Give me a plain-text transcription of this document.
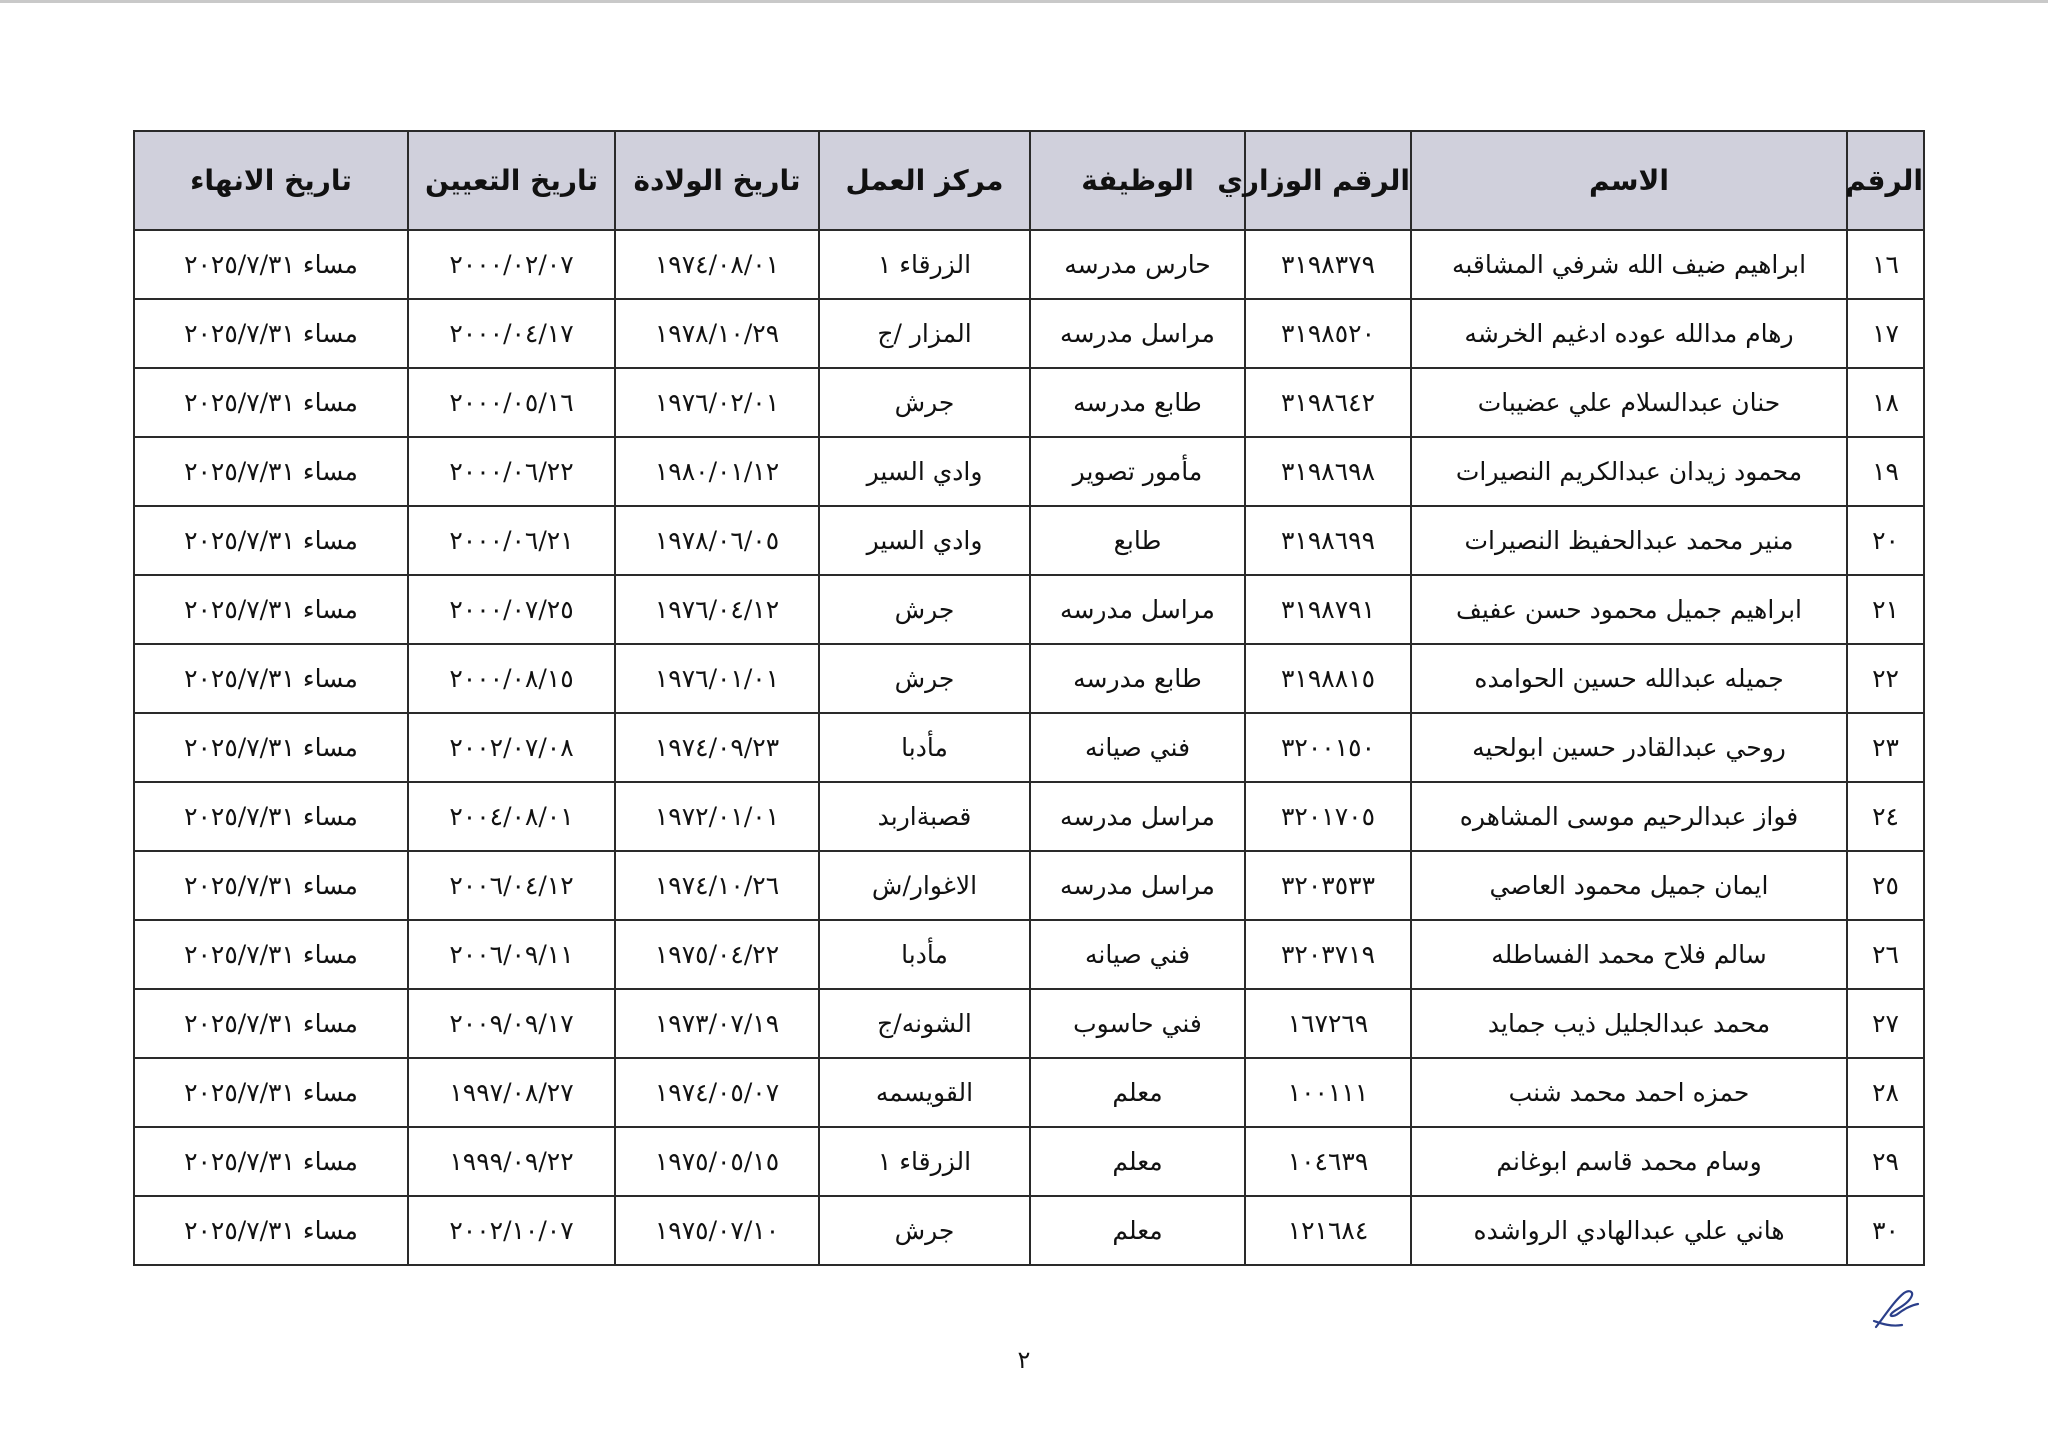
الرقم	الاسم	الرقم الوزاري	الوظيفة	مركز العمل	تاريخ الولادة	تاريخ التعيين	تاريخ الانهاء
١٦	ابراهيم ضيف الله شرفي المشاقبه	٣١٩٨٣٧٩	حارس مدرسه	الزرقاء ١	١٩٧٤/٠٨/٠١	٢٠٠٠/٠٢/٠٧	مساء ٢٠٢٥/٧/٣١
١٧	رهام مدالله عوده ادغيم الخرشه	٣١٩٨٥٢٠	مراسل مدرسه	المزار /ج	١٩٧٨/١٠/٢٩	٢٠٠٠/٠٤/١٧	مساء ٢٠٢٥/٧/٣١
١٨	حنان عبدالسلام علي عضيبات	٣١٩٨٦٤٢	طابع مدرسه	جرش	١٩٧٦/٠٢/٠١	٢٠٠٠/٠٥/١٦	مساء ٢٠٢٥/٧/٣١
١٩	محمود زيدان عبدالكريم النصيرات	٣١٩٨٦٩٨	مأمور تصوير	وادي السير	١٩٨٠/٠١/١٢	٢٠٠٠/٠٦/٢٢	مساء ٢٠٢٥/٧/٣١
٢٠	منير محمد عبدالحفيظ النصيرات	٣١٩٨٦٩٩	طابع	وادي السير	١٩٧٨/٠٦/٠٥	٢٠٠٠/٠٦/٢١	مساء ٢٠٢٥/٧/٣١
٢١	ابراهيم جميل محمود حسن عفيف	٣١٩٨٧٩١	مراسل مدرسه	جرش	١٩٧٦/٠٤/١٢	٢٠٠٠/٠٧/٢٥	مساء ٢٠٢٥/٧/٣١
٢٢	جميله عبدالله حسين الحوامده	٣١٩٨٨١٥	طابع مدرسه	جرش	١٩٧٦/٠١/٠١	٢٠٠٠/٠٨/١٥	مساء ٢٠٢٥/٧/٣١
٢٣	روحي عبدالقادر حسين ابولحيه	٣٢٠٠١٥٠	فني صيانه	مأدبا	١٩٧٤/٠٩/٢٣	٢٠٠٢/٠٧/٠٨	مساء ٢٠٢٥/٧/٣١
٢٤	فواز عبدالرحيم موسى المشاهره	٣٢٠١٧٠٥	مراسل مدرسه	قصبةاربد	١٩٧٢/٠١/٠١	٢٠٠٤/٠٨/٠١	مساء ٢٠٢٥/٧/٣١
٢٥	ايمان جميل محمود العاصي	٣٢٠٣٥٣٣	مراسل مدرسه	الاغوار/ش	١٩٧٤/١٠/٢٦	٢٠٠٦/٠٤/١٢	مساء ٢٠٢٥/٧/٣١
٢٦	سالم فلاح محمد الفساطله	٣٢٠٣٧١٩	فني صيانه	مأدبا	١٩٧٥/٠٤/٢٢	٢٠٠٦/٠٩/١١	مساء ٢٠٢٥/٧/٣١
٢٧	محمد عبدالجليل ذيب جمايد	١٦٧٢٦٩	فني حاسوب	الشونه/ج	١٩٧٣/٠٧/١٩	٢٠٠٩/٠٩/١٧	مساء ٢٠٢٥/٧/٣١
٢٨	حمزه احمد محمد شنب	١٠٠١١١	معلم	القويسمه	١٩٧٤/٠٥/٠٧	١٩٩٧/٠٨/٢٧	مساء ٢٠٢٥/٧/٣١
٢٩	وسام محمد قاسم ابوغانم	١٠٤٦٣٩	معلم	الزرقاء ١	١٩٧٥/٠٥/١٥	١٩٩٩/٠٩/٢٢	مساء ٢٠٢٥/٧/٣١
٣٠	هاني علي عبدالهادي الرواشده	١٢١٦٨٤	معلم	جرش	١٩٧٥/٠٧/١٠	٢٠٠٢/١٠/٠٧	مساء ٢٠٢٥/٧/٣١
٢
